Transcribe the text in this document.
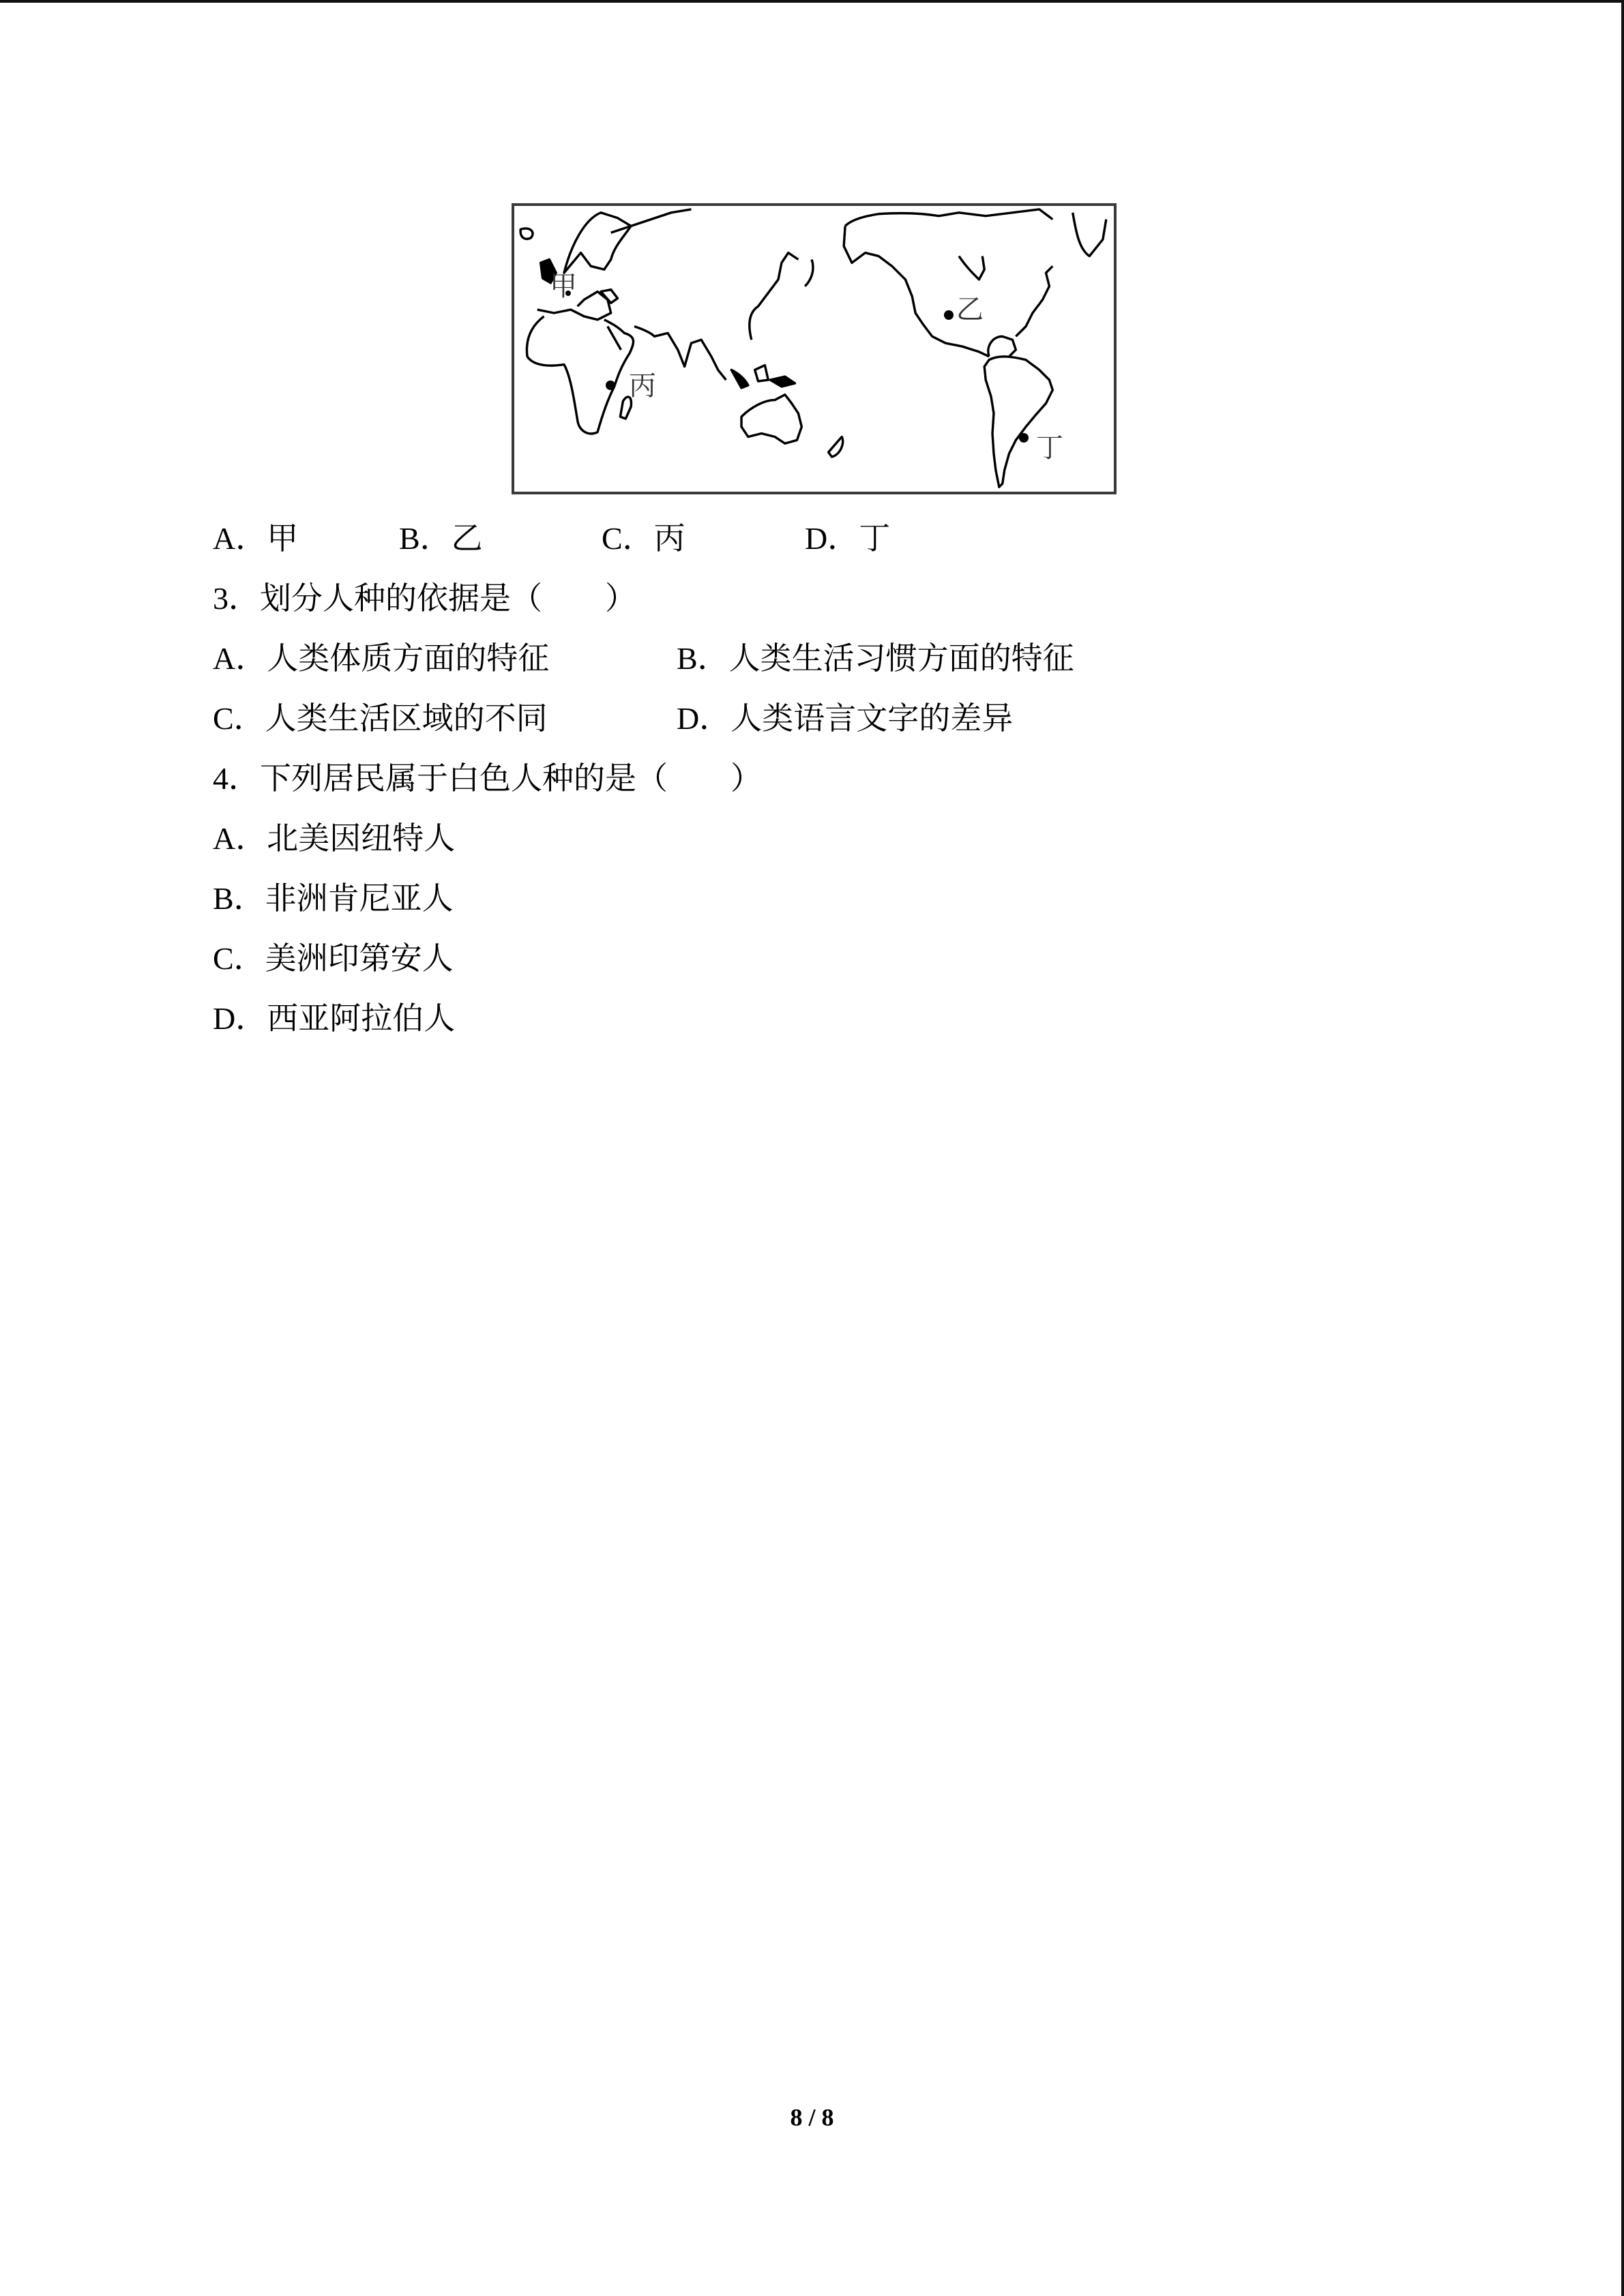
甲
乙
丙
丁
A．甲	B．乙	C．丙	D．丁
3．划分人种的依据是（　　）
A．人类体质方面的特征	B．人类生活习惯方面的特征
C．人类生活区域的不同	D．人类语言文字的差异
4．下列居民属于白色人种的是（　　）
A．北美因纽特人
B．非洲肯尼亚人
C．美洲印第安人
D．西亚阿拉伯人
8 / 8
